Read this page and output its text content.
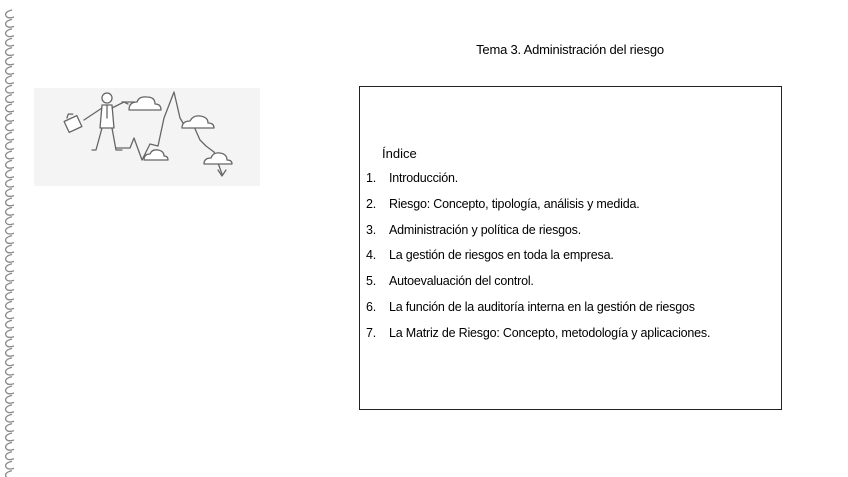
Tema 3. Administración del riesgo
Índice
1. Introducción.
2. Riesgo: Concepto, tipología, análisis y medida.
3. Administración y política de riesgos.
4. La gestión de riesgos en toda la empresa.
5. Autoevaluación del control.
6. La función de la auditoría interna en la gestión de riesgos
7. La Matriz de Riesgo: Concepto, metodología y aplicaciones.
